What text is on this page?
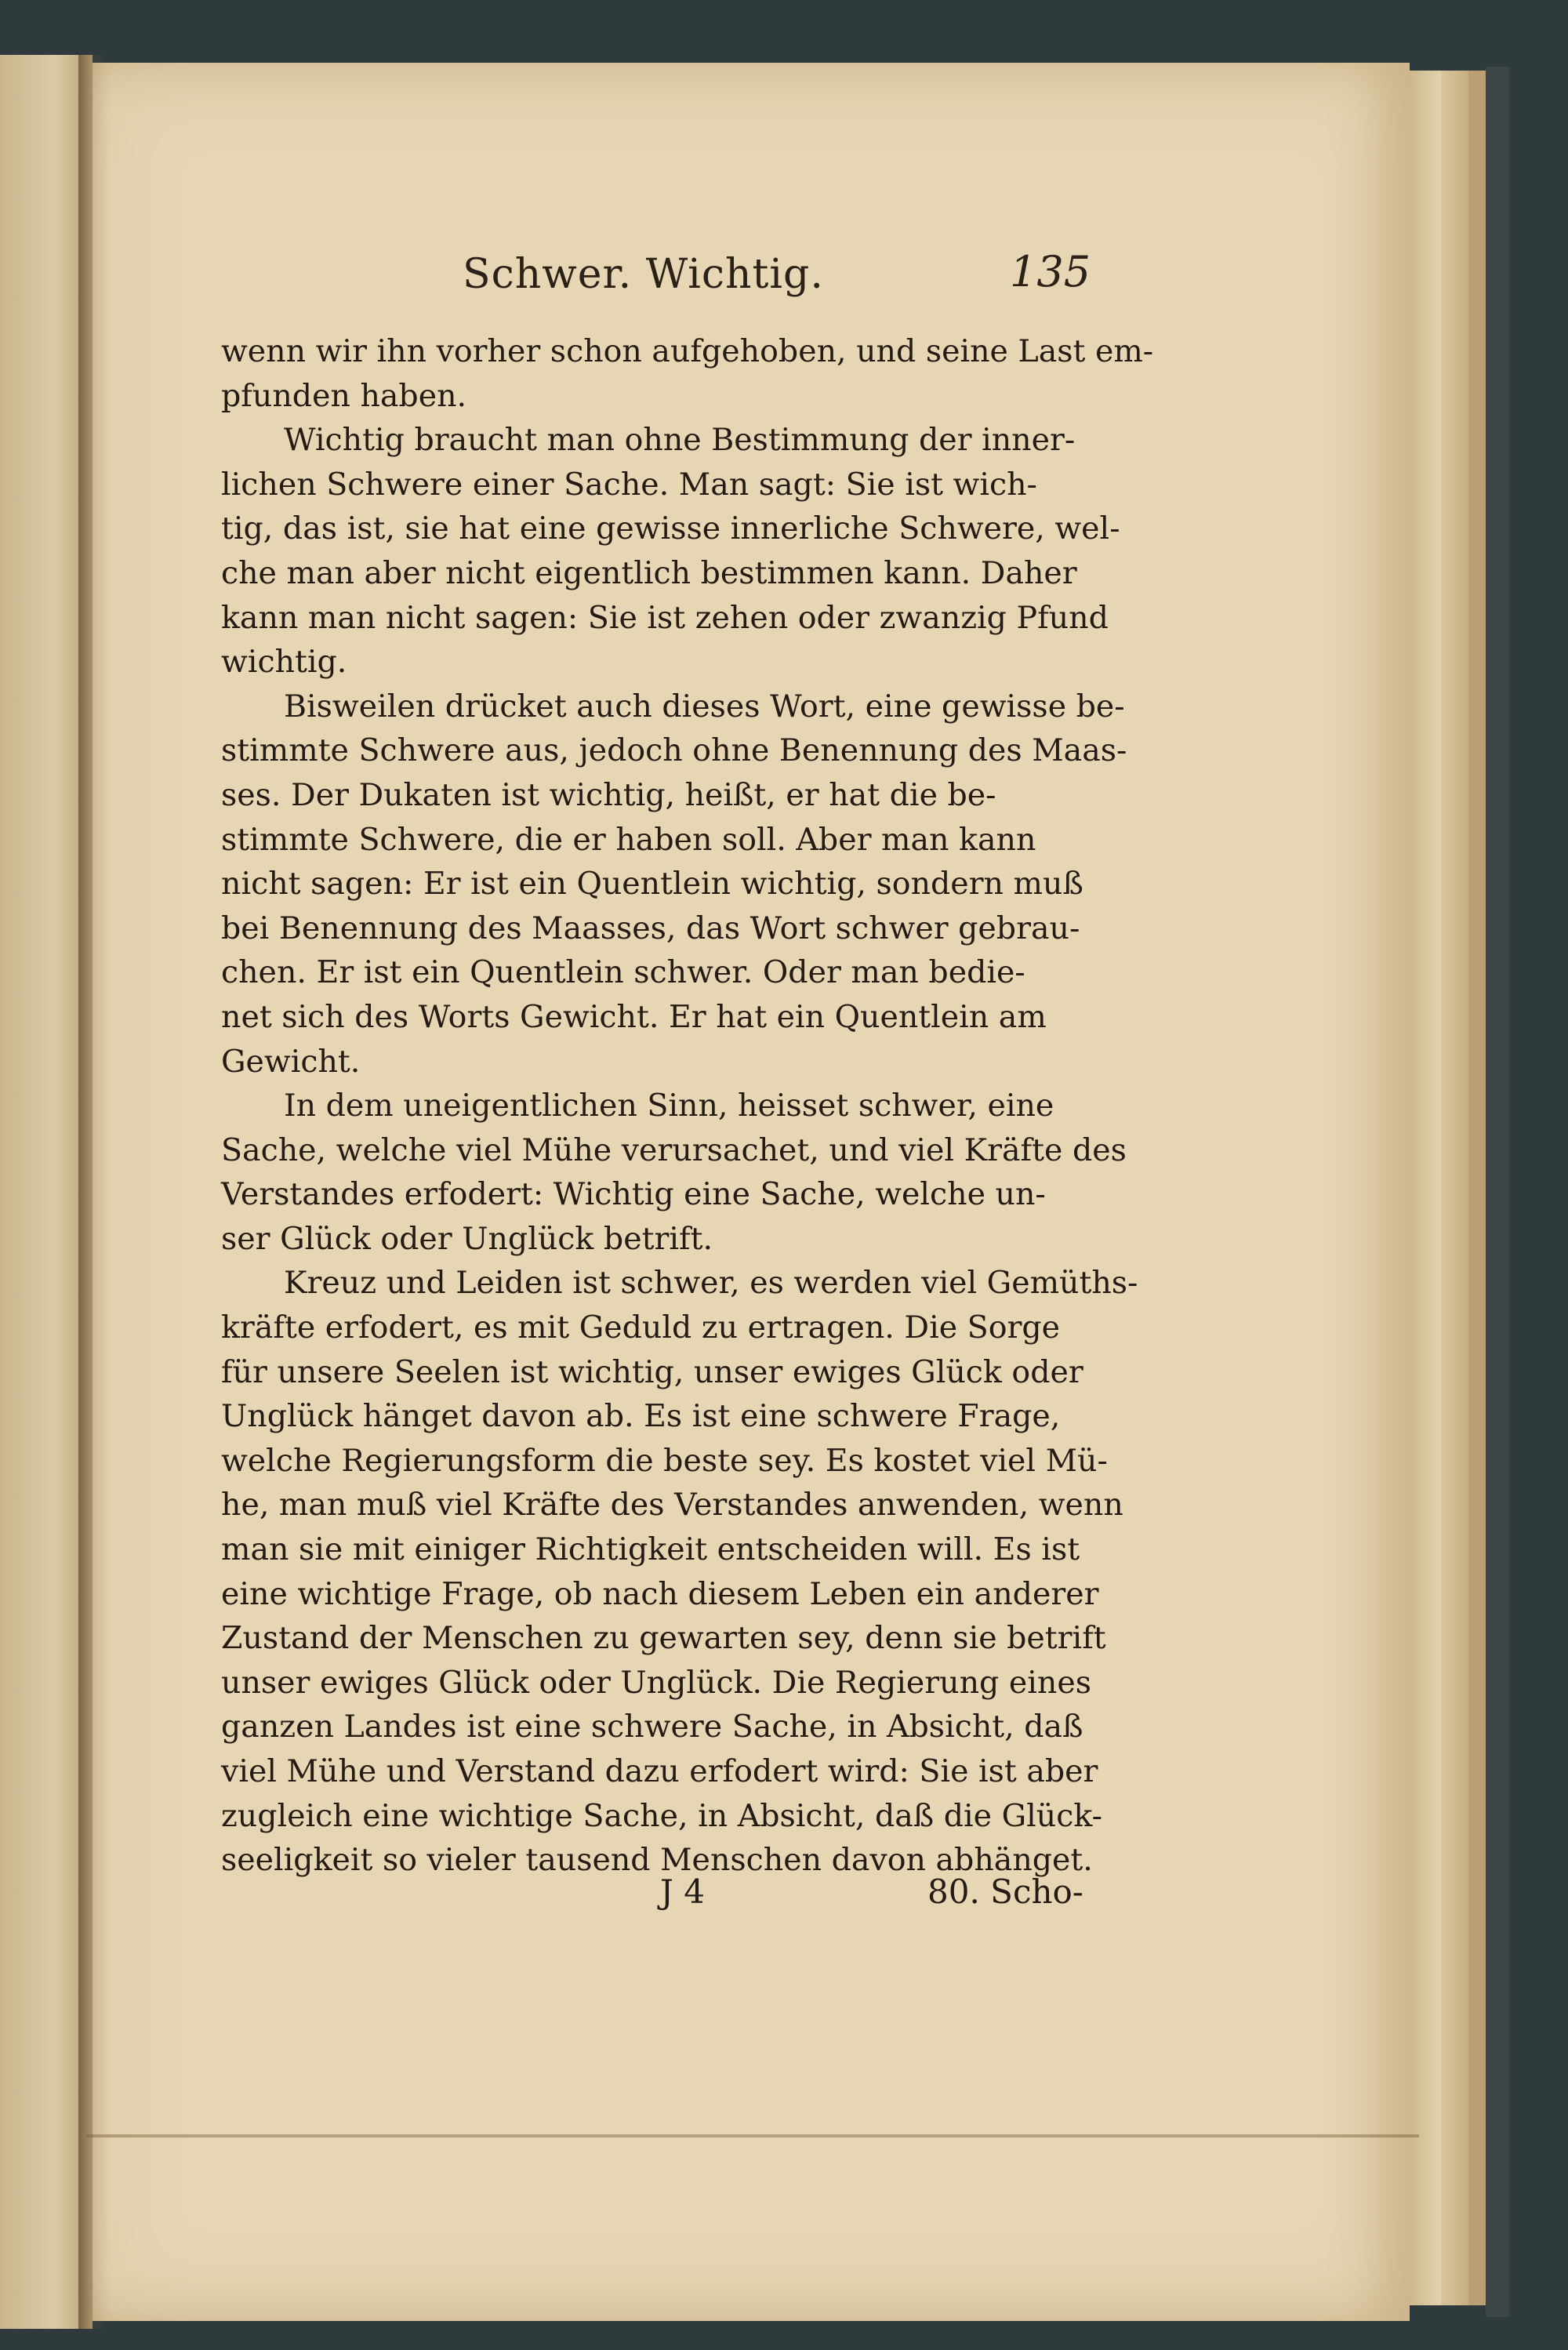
Schwer. Wichtig.	135
wenn wir ihn vorher schon aufgehoben, und seine Last em-
pfunden haben.
Wichtig braucht man ohne Bestimmung der inner-
lichen Schwere einer Sache. Man sagt: Sie ist wich-
tig, das ist, sie hat eine gewisse innerliche Schwere, wel-
che man aber nicht eigentlich bestimmen kann. Daher
kann man nicht sagen: Sie ist zehen oder zwanzig Pfund
wichtig.
Bisweilen drücket auch dieses Wort, eine gewisse be-
stimmte Schwere aus, jedoch ohne Benennung des Maas-
ses. Der Dukaten ist wichtig, heißt, er hat die be-
stimmte Schwere, die er haben soll. Aber man kann
nicht sagen: Er ist ein Quentlein wichtig, sondern muß
bei Benennung des Maasses, das Wort schwer gebrau-
chen. Er ist ein Quentlein schwer. Oder man bedie-
net sich des Worts Gewicht. Er hat ein Quentlein am
Gewicht.
In dem uneigentlichen Sinn, heisset schwer, eine
Sache, welche viel Mühe verursachet, und viel Kräfte des
Verstandes erfodert: Wichtig eine Sache, welche un-
ser Glück oder Unglück betrift.
Kreuz und Leiden ist schwer, es werden viel Gemüths-
kräfte erfodert, es mit Geduld zu ertragen. Die Sorge
für unsere Seelen ist wichtig, unser ewiges Glück oder
Unglück hänget davon ab. Es ist eine schwere Frage,
welche Regierungsform die beste sey. Es kostet viel Mü-
he, man muß viel Kräfte des Verstandes anwenden, wenn
man sie mit einiger Richtigkeit entscheiden will. Es ist
eine wichtige Frage, ob nach diesem Leben ein anderer
Zustand der Menschen zu gewarten sey, denn sie betrift
unser ewiges Glück oder Unglück. Die Regierung eines
ganzen Landes ist eine schwere Sache, in Absicht, daß
viel Mühe und Verstand dazu erfodert wird: Sie ist aber
zugleich eine wichtige Sache, in Absicht, daß die Glück-
seeligkeit so vieler tausend Menschen davon abhänget.
J 4	80. Scho-
